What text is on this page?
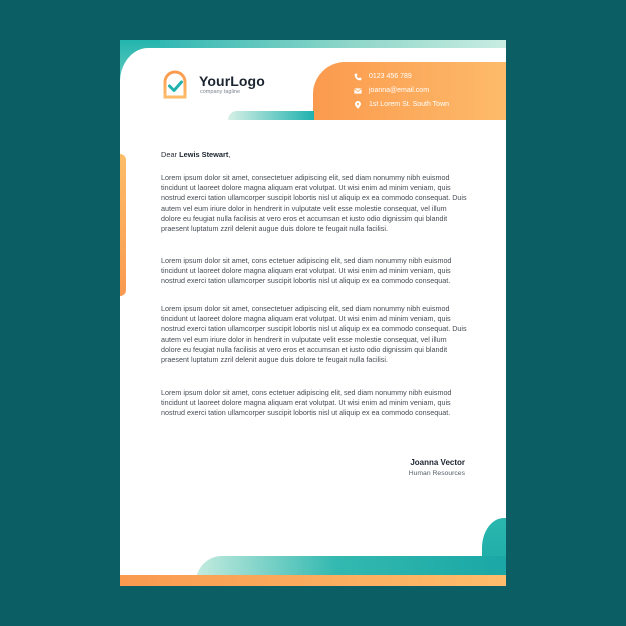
YourLogo
company tagline
0123 456 789
joanna@email.com
1st Lorem St. South Town
Dear Lewis Stewart,

Lorem ipsum dolor sit amet, consectetuer adipiscing elit, sed diam nonummy nibh euismod tincidunt ut laoreet dolore magna aliquam erat volutpat. Ut wisi enim ad minim veniam, quis nostrud exerci tation ullamcorper suscipit lobortis nisl ut aliquip ex ea commodo consequat. Duis autem vel eum iriure dolor in hendrerit in vulputate velit esse molestie consequat, vel illum dolore eu feugiat nulla facilisis at vero eros et accumsan et iusto odio dignissim qui blandit praesent luptatum zzril delenit augue duis dolore te feugait nulla facilisi.

Lorem ipsum dolor sit amet, cons ectetuer adipiscing elit, sed diam nonummy nibh euismod tincidunt ut laoreet dolore magna aliquam erat volutpat. Ut wisi enim ad minim veniam, quis nostrud exerci tation ullamcorper suscipit lobortis nisl ut aliquip ex ea commodo consequat.

Lorem ipsum dolor sit amet, consectetuer adipiscing elit, sed diam nonummy nibh euismod tincidunt ut laoreet dolore magna aliquam erat volutpat. Ut wisi enim ad minim veniam, quis nostrud exerci tation ullamcorper suscipit lobortis nisl ut aliquip ex ea commodo consequat. Duis autem vel eum iriure dolor in hendrerit in vulputate velit esse molestie consequat, vel illum dolore eu feugiat nulla facilisis at vero eros et accumsan et iusto odio dignissim qui blandit praesent luptatum zzril delenit augue duis dolore te feugait nulla facilisi.

Lorem ipsum dolor sit amet, cons ectetuer adipiscing elit, sed diam nonummy nibh euismod tincidunt ut laoreet dolore magna aliquam erat volutpat. Ut wisi enim ad minim veniam, quis nostrud exerci tation ullamcorper suscipit lobortis nisl ut aliquip ex ea commodo consequat.

Joanna Vector
Human Resources
